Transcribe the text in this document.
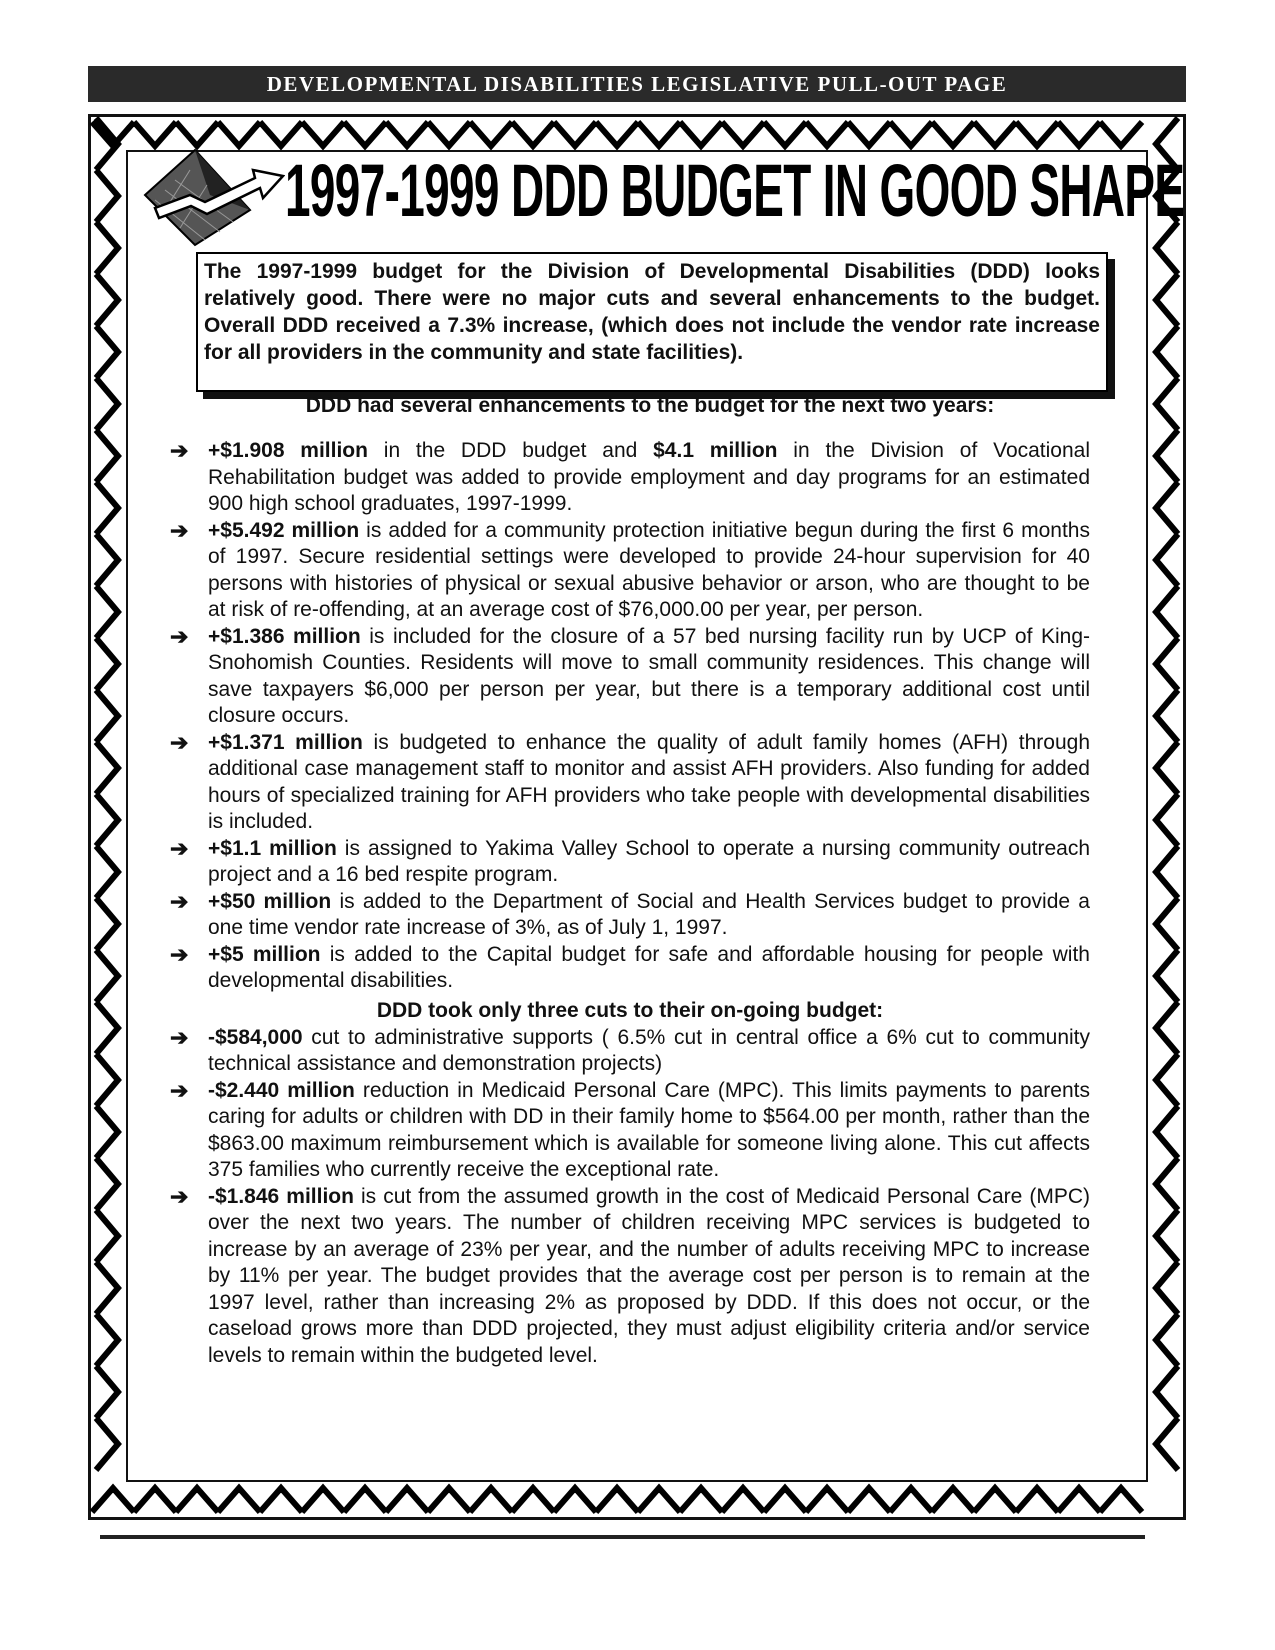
DEVELOPMENTAL DISABILITIES LEGISLATIVE PULL-OUT PAGE
1997-1999 DDD BUDGET IN GOOD SHAPE
The 1997-1999 budget for the Division of Developmental Disabilities (DDD) looks relatively good. There were no major cuts and several enhancements to the budget. Overall DDD received a 7.3% increase, (which does not include the vendor rate increase for all providers in the community and state facilities).
DDD had several enhancements to the budget for the next two years:

➔ +$1.908 million in the DDD budget and $4.1 million in the Division of Vocational Rehabilitation budget was added to provide employment and day programs for an estimated 900 high school graduates, 1997-1999.

➔ +$5.492 million is added for a community protection initiative begun during the first 6 months of 1997. Secure residential settings were developed to provide 24-hour supervision for 40 persons with histories of physical or sexual abusive behavior or arson, who are thought to be at risk of re-offending, at an average cost of $76,000.00 per year, per person.

➔ +$1.386 million is included for the closure of a 57 bed nursing facility run by UCP of King-Snohomish Counties. Residents will move to small community residences. This change will save taxpayers $6,000 per person per year, but there is a temporary additional cost until closure occurs.

➔ +$1.371 million is budgeted to enhance the quality of adult family homes (AFH) through additional case management staff to monitor and assist AFH providers. Also funding for added hours of specialized training for AFH providers who take people with developmental disabilities is included.

➔ +$1.1 million is assigned to Yakima Valley School to operate a nursing community outreach project and a 16 bed respite program.

➔ +$50 million is added to the Department of Social and Health Services budget to provide a one time vendor rate increase of 3%, as of July 1, 1997.

➔ +$5 million is added to the Capital budget for safe and affordable housing for people with developmental disabilities.

DDD took only three cuts to their on-going budget:

➔ -$584,000 cut to administrative supports ( 6.5% cut in central office a 6% cut to community technical assistance and demonstration projects)

➔ -$2.440 million reduction in Medicaid Personal Care (MPC). This limits payments to parents caring for adults or children with DD in their family home to $564.00 per month, rather than the $863.00 maximum reimbursement which is available for someone living alone. This cut affects 375 families who currently receive the exceptional rate.

➔ -$1.846 million is cut from the assumed growth in the cost of Medicaid Personal Care (MPC) over the next two years. The number of children receiving MPC services is budgeted to increase by an average of 23% per year, and the number of adults receiving MPC to increase by 11% per year. The budget provides that the average cost per person is to remain at the 1997 level, rather than increasing 2% as proposed by DDD. If this does not occur, or the caseload grows more than DDD projected, they must adjust eligibility criteria and/or service levels to remain within the budgeted level.
